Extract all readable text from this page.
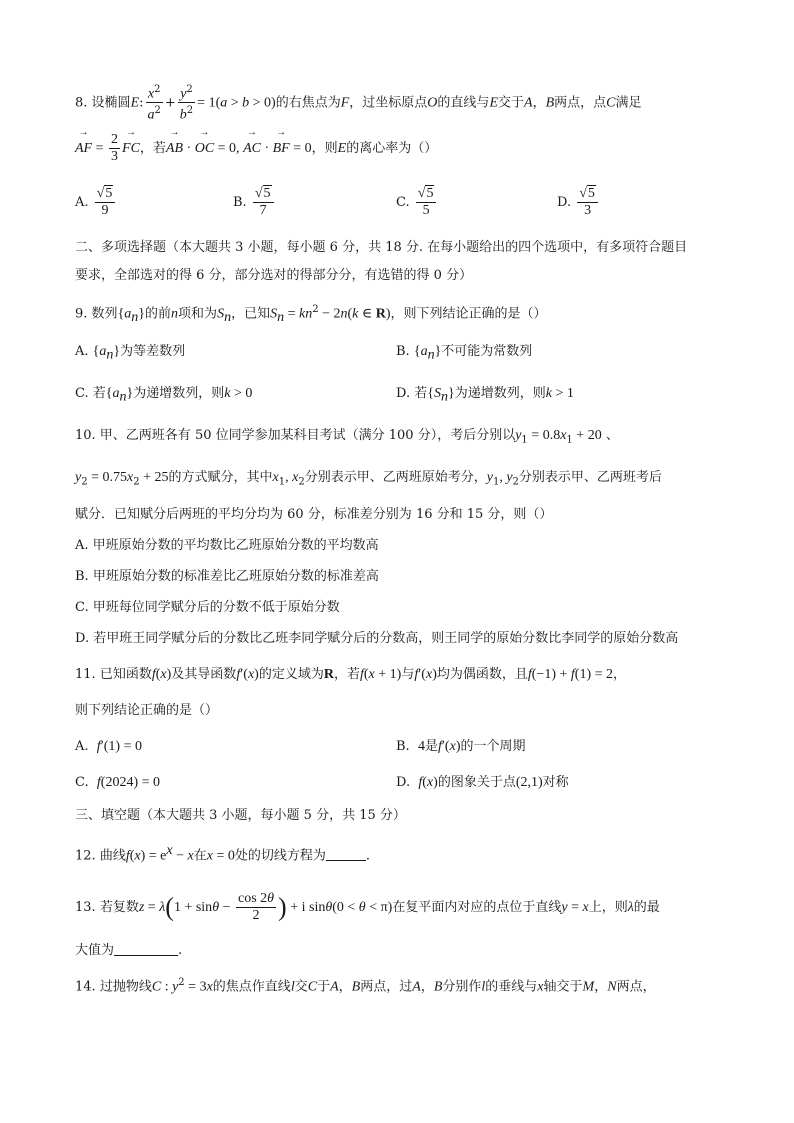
8. 设椭圆E: $\frac{x^2}{a^2} + \frac{y^2}{b^2} = 1(a > b > 0)$的右焦点为F，过坐标原点O的直线与E交于A，B两点，点C满足
→ AF = $\frac{2}{3}$
→ FC，若→ AB · → OC = 0, → AC · → BF = 0，则E的离心率为（）
A. $\frac{√5}{9}$	B. $\frac{√5}{7}$	C. $\frac{√5}{5}$	D. $\frac{√5}{3}$
二、多项选择题（本大题共 3 小题，每小题 6 分，共 18 分. 在每小题给出的四个选项中，有多项符合题目
要求，全部选对的得 6 分，部分选对的得部分分，有选错的得 0 分）
9. 数列$\{a_n\}$的前n项和为$S_n$，已知$S_n = kn^2 - 2n(k$ ∈ R)，则下列结论正确的是（）
A. $\{a_n\}$为等差数列	B. $\{a_n\}$不可能为常数列
C. 若$\{a_n\}$为递增数列，则k > 0	D. 若$\{S_n\}$为递增数列，则k > 1
10. 甲、乙两班各有 50 位同学参加某科目考试（满分 100 分），考后分别以$y_1 = 0.8x_1 + 20$ 、
$y_2 = 0.75x_2 + 25$的方式赋分，其中$x_1$, $x_2$分别表示甲、乙两班原始考分，$y_1$, $y_2$分别表示甲、乙两班考后
赋分．已知赋分后两班的平均分均为 60 分，标准差分别为 16 分和 15 分，则（）
A. 甲班原始分数的平均数比乙班原始分数的平均数高
B. 甲班原始分数的标准差比乙班原始分数的标准差高
C. 甲班每位同学赋分后的分数不低于原始分数
D. 若甲班王同学赋分后的分数比乙班李同学赋分后的分数高，则王同学的原始分数比李同学的原始分数高
11. 已知函数f(x)及其导函数f′(x)的定义域为R，若f(x + 1)与f′(x)均为偶函数，且f(−1) + f(1) = 2，
则下列结论正确的是（）
A.  f′(1) = 0	B.  4是f′(x)的一个周期
C.  f(2024) = 0	D.  f(x)的图象关于点(2,1)对称
三、填空题（本大题共 3 小题，每小题 5 分，共 15 分）
12. 曲线$f(x) = e^x - x$在x = 0处的切线方程为	.
13. 若复数$z = \lambda(1 + \sin\theta - \frac{\cos 2\theta}{2}$ ) + i sinθ(0 < θ < π)在复平面内对应的点位于直线y = x上，则λ的最
大值为	.
14. 过抛物线C : $y^2 = 3x$的焦点作直线l交C于A，B两点，过A，B分别作l的垂线与x轴交于M，N两点，
